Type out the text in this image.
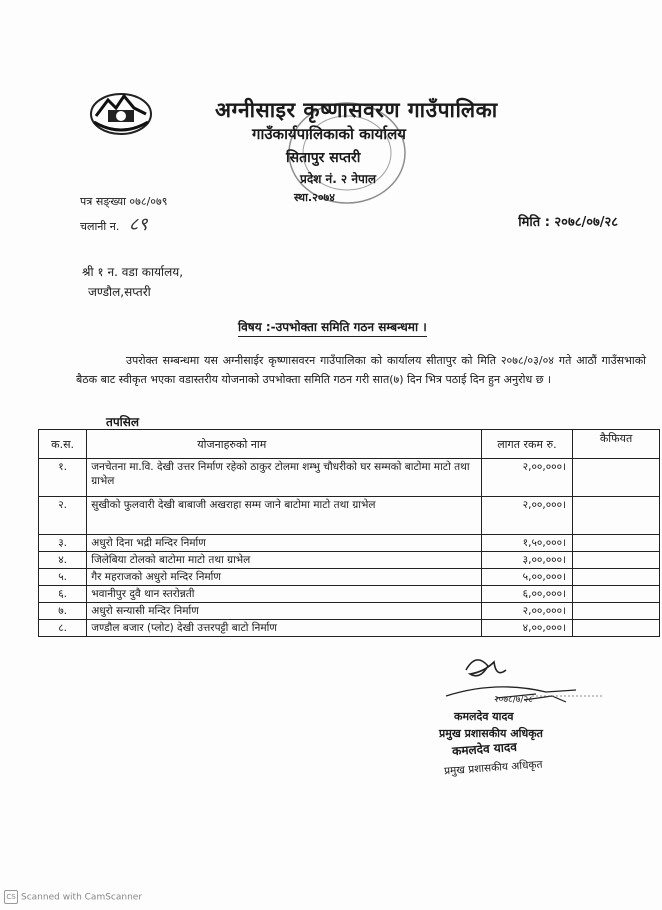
अग्नीसाइर कृष्णासवरण गाउँपालिका
गाउँकार्यपालिकाको कार्यालय
सितापुर सप्तरी
प्रदेश नं. २ नेपाल
स्था.२०७४
पत्र सङ्ख्या ०७८/०७९
चलानी न. ८९	मिति : २०७८/०७/२८
श्री १ न. वडा कार्यालय,
जण्डौल,सप्तरी
विषय :-उपभोक्ता समिति गठन सम्बन्धमा ।
उपरोक्त सम्बन्धमा यस अग्नीसाईर कृष्णासवरन गाउँपालिका को कार्यालय सीतापुर को मिति २०७८/०३/०४ गते आठौं गाउँसभाको बैठक बाट स्वीकृत भएका वडास्तरीय योजनाको उपभोक्ता समिति गठन गरी सात(७) दिन भित्र पठाई दिन हुन अनुरोध छ ।
तपसिल
क.स.	योजनाहरुको नाम	लागत रकम रु.	कैफियत
१.	जनचेतना मा.वि. देखी उत्तर निर्माण रहेको ठाकुर टोलमा शम्भु चौधरीको घर सम्मको बाटोमा माटो तथा ग्राभेल	२,००,०००।	
२.	सुखीको फुलवारी देखी बाबाजी अखराहा सम्म जाने बाटोमा माटो तथा ग्राभेल	२,००,०००।	
३.	अधुरो दिना भद्री मन्दिर निर्माण	१,५०,०००।	
४.	जिलेबिया टोलको बाटोमा माटो तथा ग्राभेल	३,००,०००।	
५.	गैर महराजको अधुरो मन्दिर निर्माण	५,००,०००।	
६.	भवानीपुर दुवै थान स्तरोन्नती	६,००,०००।	
७.	अधुरो सन्यासी मन्दिर निर्माण	२,००,०००।	
८.	जण्डौल बजार (प्लोट) देखी उत्तरपट्टी बाटो निर्माण	४,००,०००।	
२०७८/७/२८
कमलदेव यादव
प्रमुख प्रशासकीय अधिकृत
कमलदेव यादव
प्रमुख प्रशासकीय अधिकृत
CS Scanned with CamScanner
